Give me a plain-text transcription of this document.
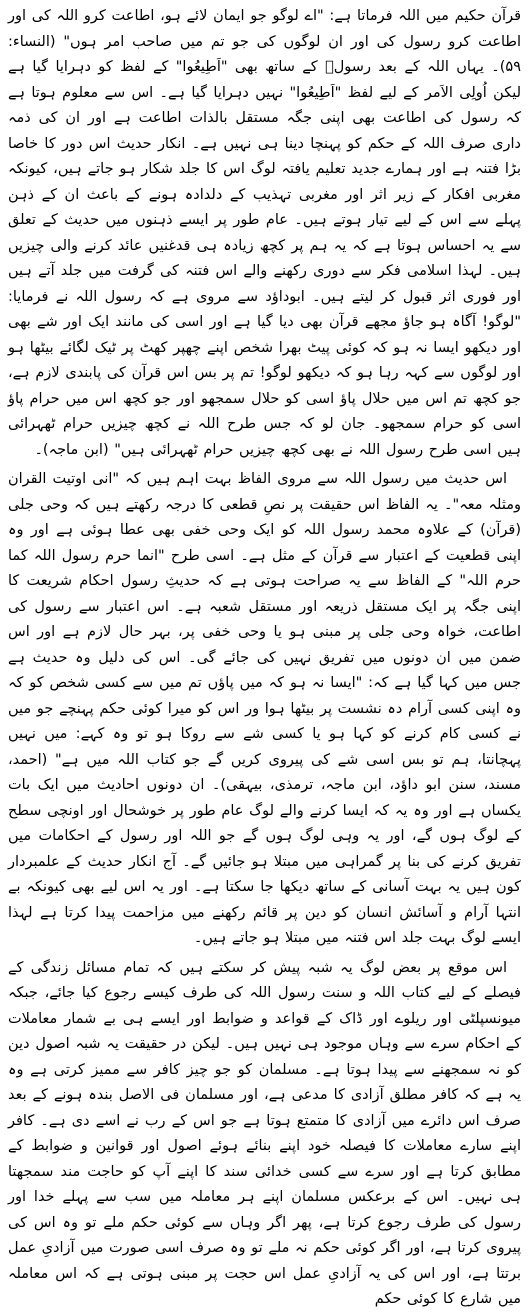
قرآن حکیم میں اللہ فرماتا ہے: "اے لوگو جو ایمان لائے ہو، اطاعت کرو اللہ کی اور اطاعت کرو رسول کی اور ان لوگوں کی جو تم میں صاحب امر ہوں" (النساء: ۵۹)۔ یہاں اللہ کے بعد رسولؐ کے ساتھ بھی "اَطِیعُوا" کے لفظ کو دہرایا گیا ہے لیکن اُولِی الاَمر کے لیے لفظ "اَطِیعُوا" نہیں دہرایا گیا ہے۔ اس سے معلوم ہوتا ہے کہ رسول کی اطاعت بھی اپنی جگہ مستقل بالذات اطاعت ہے اور ان کی ذمہ داری صرف اللہ کے حکم کو پہنچا دینا ہی نہیں ہے۔ انکار حدیث اس دور کا خاصا بڑا فتنہ ہے اور ہمارے جدید تعلیم یافتہ لوگ اس کا جلد شکار ہو جاتے ہیں، کیونکہ مغربی افکار کے زیر اثر اور مغربی تہذیب کے دلدادہ ہونے کے باعث ان کے ذہن پہلے سے اس کے لیے تیار ہوتے ہیں۔ عام طور پر ایسے ذہنوں میں حدیث کے تعلق سے یہ احساس ہوتا ہے کہ یہ ہم پر کچھ زیادہ ہی قدغنیں عائد کرنے والی چیزیں ہیں۔ لہذا اسلامی فکر سے دوری رکھنے والے اس فتنہ کی گرفت میں جلد آتے ہیں اور فوری اثر قبول کر لیتے ہیں۔ ابوداؤد سے مروی ہے کہ رسول اللہ نے فرمایا: "لوگو! آگاہ ہو جاؤ مجھے قرآن بھی دیا گیا ہے اور اسی کی مانند ایک اور شے بھی اور دیکھو ایسا نہ ہو کہ کوئی پیٹ بھرا شخص اپنے چھپر کھٹ پر ٹیک لگائے بیٹھا ہو اور لوگوں سے کہہ رہا ہو کہ دیکھو لوگو! تم پر بس اس قرآن کی پابندی لازم ہے، جو کچھ تم اس میں حلال پاؤ اسی کو حلال سمجھو اور جو کچھ اس میں حرام پاؤ اسی کو حرام سمجھو۔ جان لو کہ جس طرح اللہ نے کچھ چیزیں حرام ٹھہرائی ہیں اسی طرح رسول اللہ نے بھی کچھ چیزیں حرام ٹھہرائی ہیں" (ابن ماجہ)۔

اس حدیث میں رسول اللہ سے مروی الفاظ بہت اہم ہیں کہ "انی اوتیت القران ومثلہ معہ"۔ یہ الفاظ اس حقیقت پر نصِ قطعی کا درجہ رکھتے ہیں کہ وحی جلی (قرآن) کے علاوہ محمد رسول اللہ کو ایک وحی خفی بھی عطا ہوئی ہے اور وہ اپنی قطعیت کے اعتبار سے قرآن کے مثل ہے۔ اسی طرح "انما حرم رسول اللہ کما حرم اللہ" کے الفاظ سے یہ صراحت ہوتی ہے کہ حدیثِ رسول احکام شریعت کا اپنی جگہ پر ایک مستقل ذریعہ اور مستقل شعبہ ہے۔ اس اعتبار سے رسول کی اطاعت، خواہ وحی جلی پر مبنی ہو یا وحی خفی پر، بہر حال لازم ہے اور اس ضمن میں ان دونوں میں تفریق نہیں کی جائے گی۔ اس کی دلیل وہ حدیث ہے جس میں کہا گیا ہے کہ: "ایسا نہ ہو کہ میں پاؤں تم میں سے کسی شخص کو کہ وہ اپنی کسی آرام دہ نشست پر بیٹھا ہوا ور اس کو میرا کوئی حکم پہنچے جو میں نے کسی کام کرنے کو کہا ہو یا کسی شے سے روکا ہو تو وہ کہے: میں نہیں پہچانتا، ہم تو بس اسی شے کی پیروی کریں گے جو کتاب اللہ میں ہے" (احمد، مسند، سنن ابو داؤد، ابن ماجہ، ترمذی، بیہقی)۔ ان دونوں احادیث میں ایک بات یکساں ہے اور وہ یہ کہ ایسا کرنے والے لوگ عام طور پر خوشحال اور اونچی سطح کے لوگ ہوں گے، اور یہ وہی لوگ ہوں گے جو اللہ اور رسول کے احکامات میں تفریق کرنے کی بنا پر گمراہی میں مبتلا ہو جائیں گے۔ آج انکار حدیث کے علمبردار کون ہیں یہ بہت آسانی کے ساتھ دیکھا جا سکتا ہے۔ اور یہ اس لیے بھی کیونکہ بے انتہا آرام و آسائش انسان کو دین پر قائم رکھنے میں مزاحمت پیدا کرتا ہے لہذا ایسے لوگ بہت جلد اس فتنہ میں مبتلا ہو جاتے ہیں۔

اس موقع پر بعض لوگ یہ شبہ پیش کر سکتے ہیں کہ تمام مسائل زندگی کے فیصلے کے لیے کتاب اللہ و سنت رسول اللہ کی طرف کیسے رجوع کیا جائے، جبکہ میونسپلٹی اور ریلوے اور ڈاک کے قواعد و ضوابط اور ایسے ہی بے شمار معاملات کے احکام سرے سے وہاں موجود ہی نہیں ہیں۔ لیکن در حقیقت یہ شبہ اصول دین کو نہ سمجھنے سے پیدا ہوتا ہے۔ مسلمان کو جو چیز کافر سے ممیز کرتی ہے وہ یہ ہے کہ کافر مطلق آزادی کا مدعی ہے، اور مسلمان فی الاصل بندہ ہونے کے بعد صرف اس دائرے میں آزادی کا متمتع ہوتا ہے جو اس کے رب نے اسے دی ہے۔ کافر اپنے سارے معاملات کا فیصلہ خود اپنے بنائے ہوئے اصول اور قوانین و ضوابط کے مطابق کرتا ہے اور سرے سے کسی خدائی سند کا اپنے آپ کو حاجت مند سمجھتا ہی نہیں۔ اس کے برعکس مسلمان اپنے ہر معاملہ میں سب سے پہلے خدا اور رسول کی طرف رجوع کرتا ہے، پھر اگر وہاں سے کوئی حکم ملے تو وہ اس کی پیروی کرتا ہے، اور اگر کوئی حکم نہ ملے تو وہ صرف اسی صورت میں آزادیِ عمل برتتا ہے، اور اس کی یہ آزادیِ عمل اس حجت پر مبنی ہوتی ہے کہ اس معاملہ میں شارع کا کوئی حکم
